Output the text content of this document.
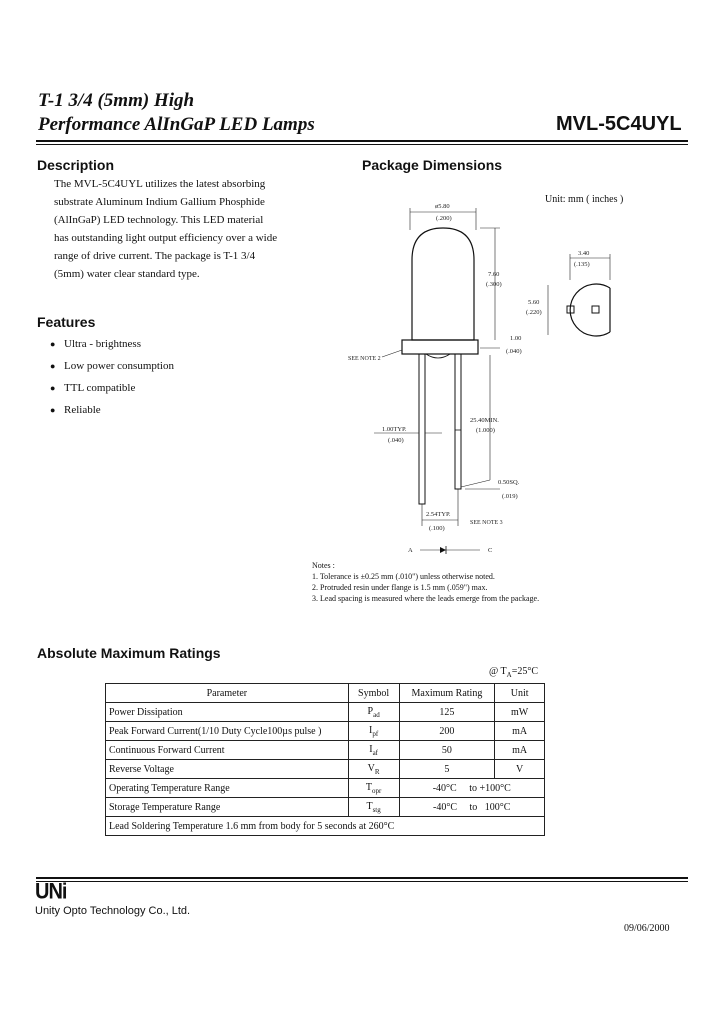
T-1 3/4 (5mm) High
Performance AlInGaP LED Lamps	MVL-5C4UYL
Description
The MVL-5C4UYL utilizes the latest absorbing
substrate Aluminum Indium Gallium Phosphide
(AlInGaP) LED technology. This LED material
has outstanding light output efficiency over a wide
range of drive current. The package is T-1 3/4
(5mm) water clear standard type.
Features
● Ultra - brightness
● Low power consumption
● TTL compatible
● Reliable
Package Dimensions
Unit: mm ( inches )
ø5.80
(.200)
7.60
(.300)
1.00
(.040)
SEE NOTE 2
25.40MIN.
(1.000)
1.00TYP.
(.040)
0.50SQ.
(.019)
2.54TYP.
(.100)
SEE NOTE 3
A	C
3.40
(.135)
5.60
(.220)
Notes :
1. Tolerance is ±0.25 mm (.010") unless otherwise noted.
2. Protruded resin under flange is 1.5 mm (.059") max.
3. Lead spacing is measured where the leads emerge from the package.
Absolute Maximum Ratings
@ $T_A=25^\circ C$
Parameter	Symbol	Maximum Rating	Unit
Power Dissipation	$P_{ad}$	125	mW
Peak Forward Current(1/10 Duty Cycle100µs pulse )	$I_{pf}$	200	mA
Continuous Forward Current	$I_{af}$	50	mA
Reverse Voltage	$V_R$	5	V
Operating Temperature Range	$T_{opr}$	-40°C     to +100°C	
Storage Temperature Range	$T_{stg}$	-40°C     to   100°C	
Lead Soldering Temperature 1.6 mm from body for 5 seconds at 260°C			
UNi
Unity Opto Technology Co., Ltd.
09/06/2000
